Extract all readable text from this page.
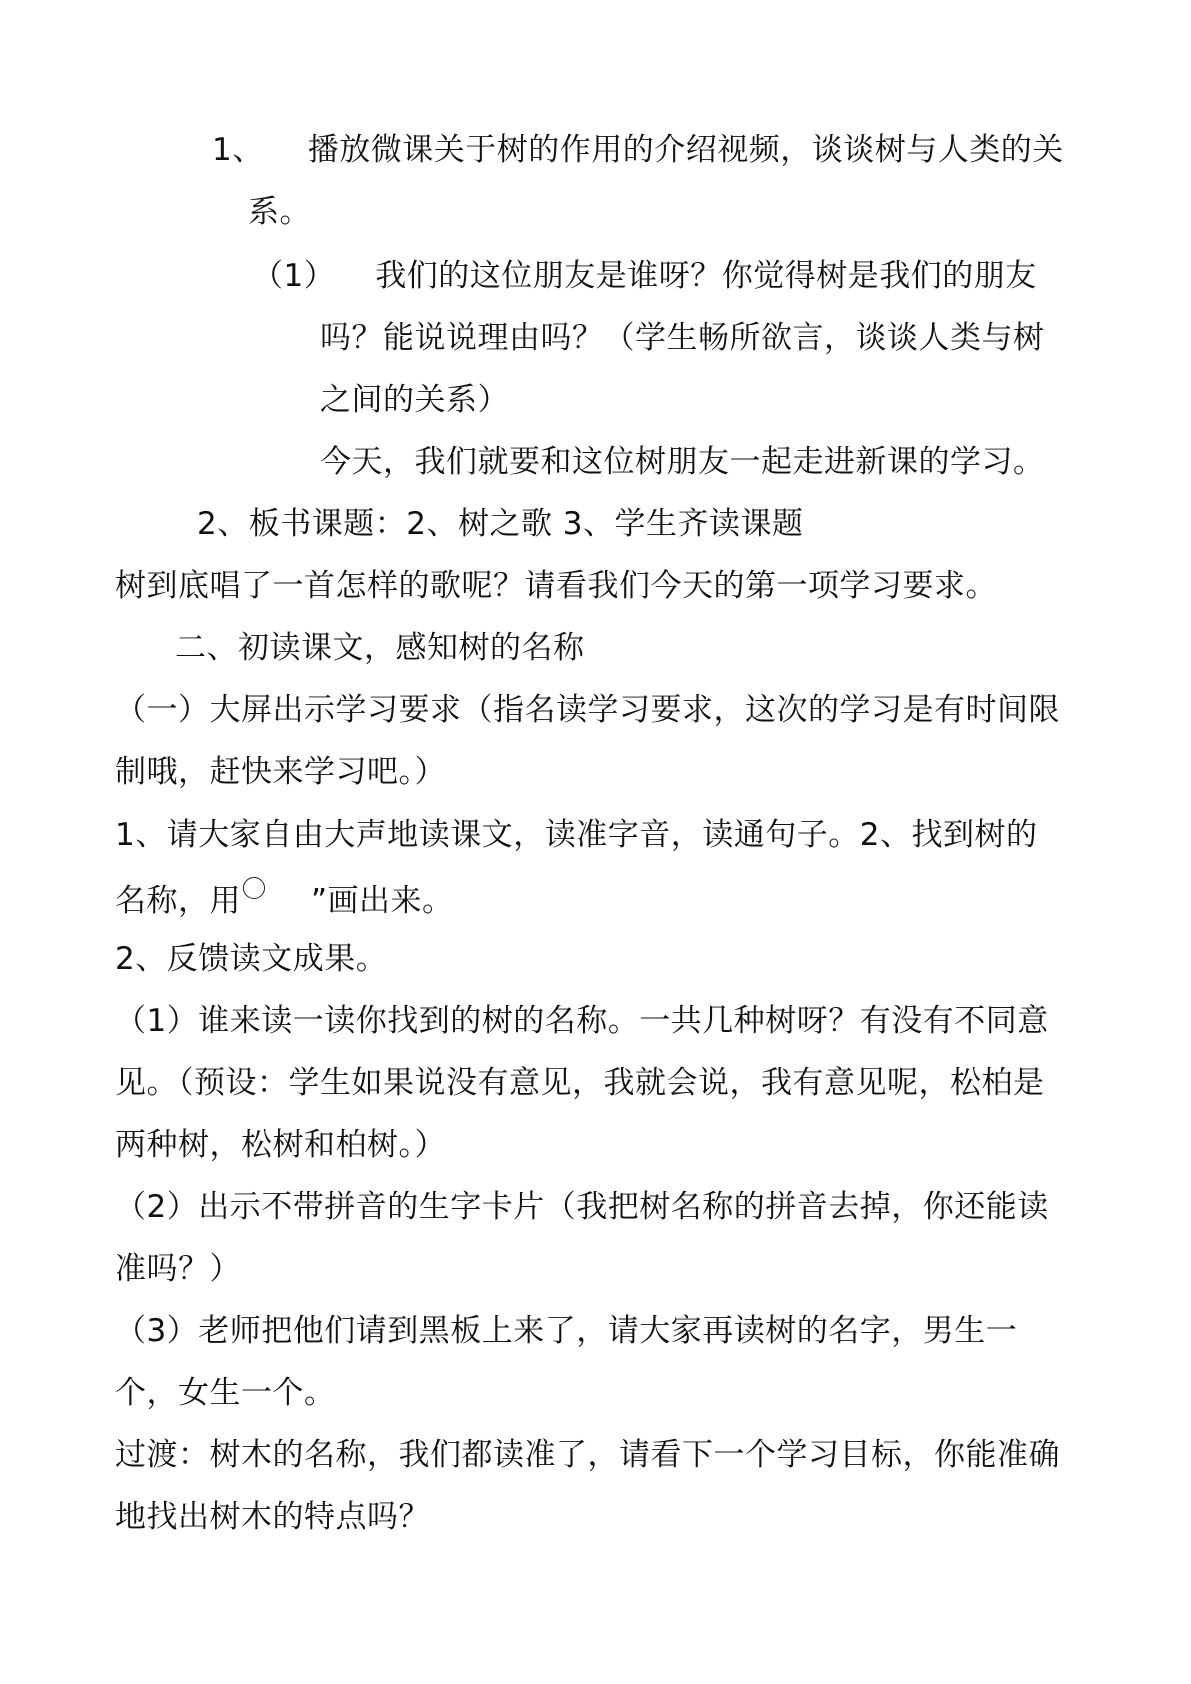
1、 播放微课关于树的作用的介绍视频，谈谈树与人类的关
系。
（1） 我们的这位朋友是谁呀？你觉得树是我们的朋友
吗？能说说理由吗？（学生畅所欲言，谈谈人类与树
之间的关系）
今天，我们就要和这位树朋友一起走进新课的学习。
2、板书课题：2、树之歌 3、学生齐读课题
树到底唱了一首怎样的歌呢？请看我们今天的第一项学习要求。
二、初读课文，感知树的名称
（一）大屏出示学习要求（指名读学习要求，这次的学习是有时间限
制哦，赶快来学习吧。）
1、请大家自由大声地读课文，读准字音，读通句子。2、找到树的
名称，用 ○ ”画出来。
2、反馈读文成果。
（1）谁来读一读你找到的树的名称。一共几种树呀？有没有不同意
见。（预设：学生如果说没有意见，我就会说，我有意见呢，松柏是
两种树，松树和柏树。）
（2）出示不带拼音的生字卡片（我把树名称的拼音去掉，你还能读
准吗？）
（3）老师把他们请到黑板上来了，请大家再读树的名字，男生一
个，女生一个。
过渡：树木的名称，我们都读准了，请看下一个学习目标，你能准确
地找出树木的特点吗？
